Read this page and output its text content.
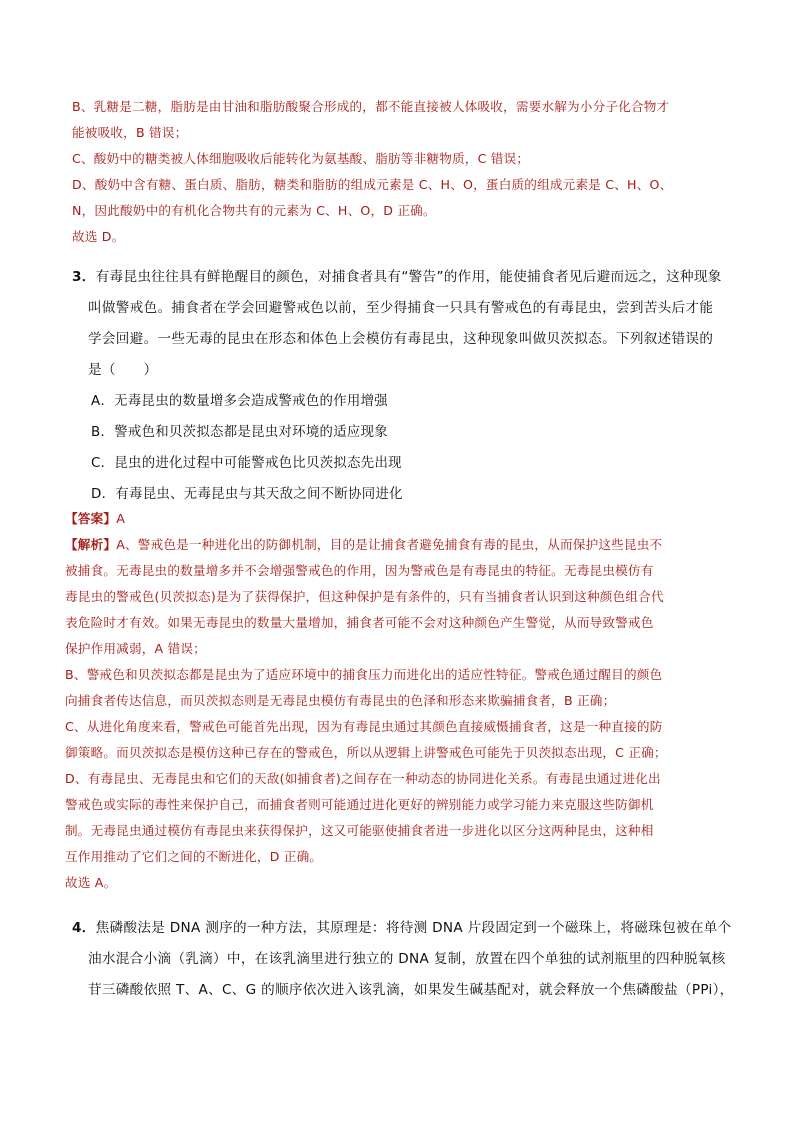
B、乳糖是二糖，脂肪是由甘油和脂肪酸聚合形成的，都不能直接被人体吸收，需要水解为小分子化合物才

能被吸收，B 错误；

C、酸奶中的糖类被人体细胞吸收后能转化为氨基酸、脂肪等非糖物质，C 错误；

D、酸奶中含有糖、蛋白质、脂肪，糖类和脂肪的组成元素是 C、H、O，蛋白质的组成元素是 C、H、O、

N，因此酸奶中的有机化合物共有的元素为 C、H、O，D 正确。

故选 D。

3．有毒昆虫往往具有鲜艳醒目的颜色，对捕食者具有“警告”的作用，能使捕食者见后避而远之，这种现象

叫做警戒色。捕食者在学会回避警戒色以前，至少得捕食一只具有警戒色的有毒昆虫，尝到苦头后才能

学会回避。一些无毒的昆虫在形态和体色上会模仿有毒昆虫，这种现象叫做贝茨拟态。下列叙述错误的

是（　　）

A．无毒昆虫的数量增多会造成警戒色的作用增强

B．警戒色和贝茨拟态都是昆虫对环境的适应现象

C．昆虫的进化过程中可能警戒色比贝茨拟态先出现

D．有毒昆虫、无毒昆虫与其天敌之间不断协同进化

【答案】A

【解析】A、警戒色是一种进化出的防御机制，目的是让捕食者避免捕食有毒的昆虫，从而保护这些昆虫不

被捕食。无毒昆虫的数量增多并不会增强警戒色的作用，因为警戒色是有毒昆虫的特征。无毒昆虫模仿有

毒昆虫的警戒色(贝茨拟态)是为了获得保护，但这种保护是有条件的，只有当捕食者认识到这种颜色组合代

表危险时才有效。如果无毒昆虫的数量大量增加，捕食者可能不会对这种颜色产生警觉，从而导致警戒色

保护作用减弱，A 错误；

B、警戒色和贝茨拟态都是昆虫为了适应环境中的捕食压力而进化出的适应性特征。警戒色通过醒目的颜色

向捕食者传达信息，而贝茨拟态则是无毒昆虫模仿有毒昆虫的色泽和形态来欺骗捕食者，B 正确；

C、从进化角度来看，警戒色可能首先出现，因为有毒昆虫通过其颜色直接威慑捕食者，这是一种直接的防

御策略。而贝茨拟态是模仿这种已存在的警戒色，所以从逻辑上讲警戒色可能先于贝茨拟态出现，C 正确；

D、有毒昆虫、无毒昆虫和它们的天敌(如捕食者)之间存在一种动态的协同进化关系。有毒昆虫通过进化出

警戒色或实际的毒性来保护自己，而捕食者则可能通过进化更好的辨别能力或学习能力来克服这些防御机

制。无毒昆虫通过模仿有毒昆虫来获得保护，这又可能驱使捕食者进一步进化以区分这两种昆虫，这种相

互作用推动了它们之间的不断进化，D 正确。

故选 A。

4．焦磷酸法是 DNA 测序的一种方法，其原理是：将待测 DNA 片段固定到一个磁珠上，将磁珠包被在单个

油水混合小滴（乳滴）中，在该乳滴里进行独立的 DNA 复制，放置在四个单独的试剂瓶里的四种脱氧核

苷三磷酸依照 T、A、C、G 的顺序依次进入该乳滴，如果发生碱基配对，就会释放一个焦磷酸盐（PPi），
